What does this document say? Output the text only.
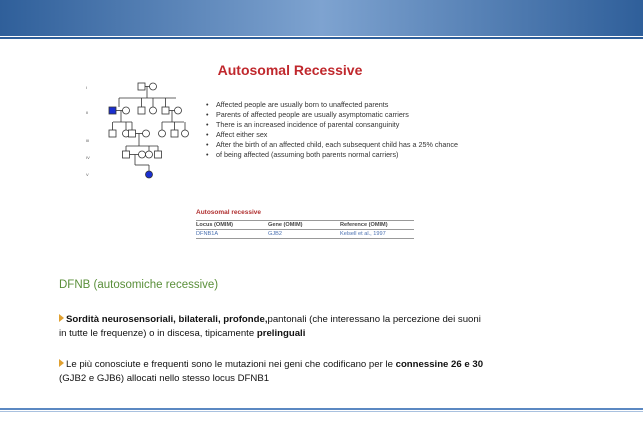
Autosomal Recessive
I
II
III
IV
V
• Affected people are usually born to unaffected parents
• Parents of affected people are usually asymptomatic carriers
• There is an increased incidence of parental consanguinity
• Affect either sex
• After the birth of an affected child, each subsequent child has a 25% chance
• of being affected (assuming both parents normal carriers)
Autosomal recessive
Locus (OMIM)	Gene (OMIM)	Reference (OMIM)
DFNB1A	GJB2	Kelsell et al., 1997
DFNB (autosomiche recessive)
Sordità neurosensoriali, bilaterali, profonde,pantonali (che interessano la percezione dei suoni
in tutte le frequenze) o in discesa, tipicamente prelinguali
Le più conosciute e frequenti sono le mutazioni nei geni che codificano per le connessine 26 e 30
(GJB2 e GJB6) allocati nello stesso locus DFNB1
